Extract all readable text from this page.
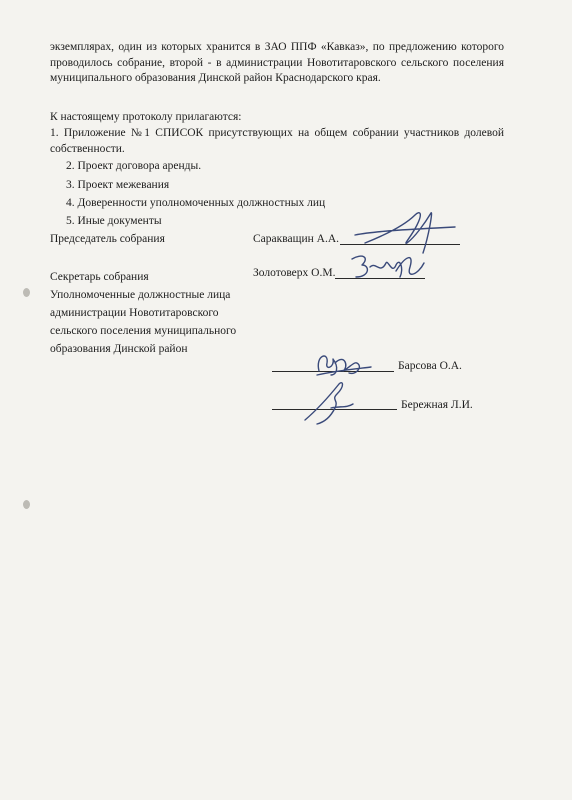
экземплярах, один из которых хранится в ЗАО ППФ «Кавказ», по предложению которого
проводилось собрание, второй - в администрации Новотитаровского сельского поселения
муниципального образования Динской район Краснодарского края.
К настоящему протоколу прилагаются:
1. Приложение №1 СПИСОК присутствующих на общем собрании участников долевой
собственности.
2. Проект договора аренды.
3. Проект межевания
4. Доверенности уполномоченных должностных лиц
5. Иные документы
Председатель собрания	Саракващин А.А.
Секретарь собрания	Золотоверх О.М.
Уполномоченные должностные лица
администрации Новотитаровского
сельского поселения муниципального
образования Динской район
Барсова О.А.
Бережная Л.И.
